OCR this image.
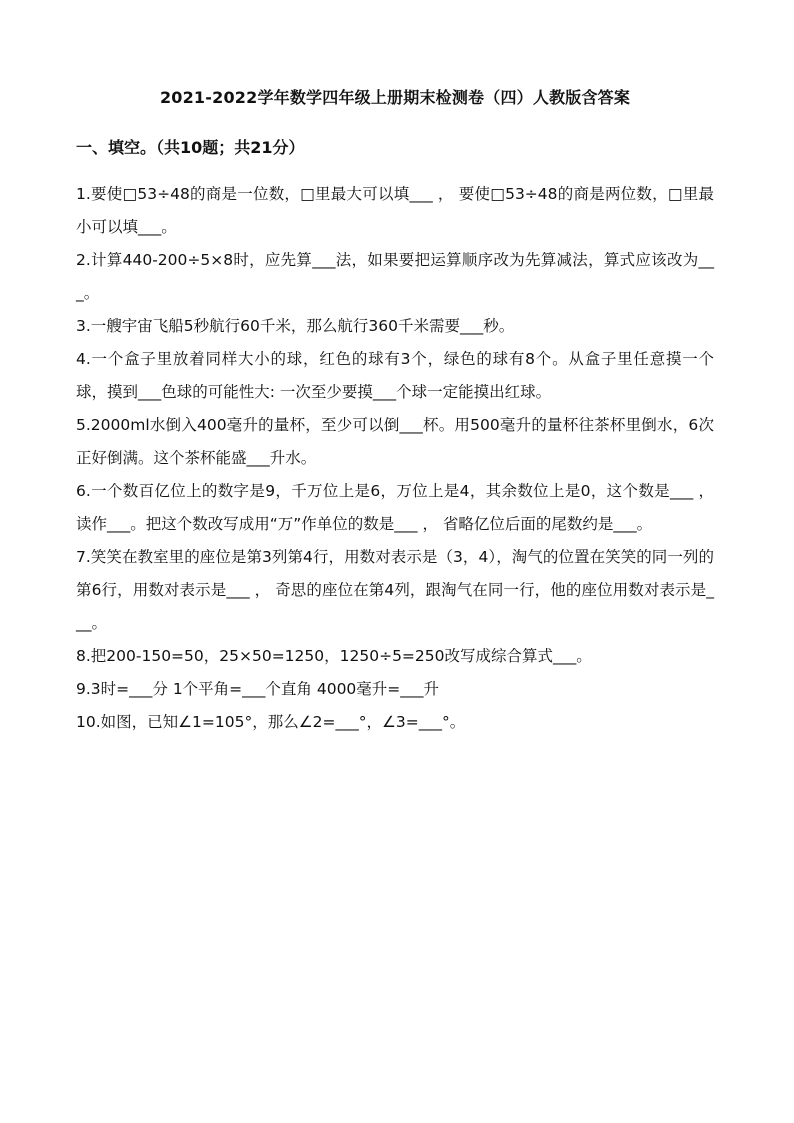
2021-2022学年数学四年级上册期末检测卷（四）人教版含答案
一、填空。（共10题；共21分）

1.要使□53÷48的商是一位数，□里最大可以填___ ， 要使□53÷48的商是两位数，□里最小可以填___。

2.计算440-200÷5×8时，应先算___法，如果要把运算顺序改为先算减法，算式应该改为___。

3.一艘宇宙飞船5秒航行60千米，那么航行360千米需要___秒。

4.一个盒子里放着同样大小的球，红色的球有3个，绿色的球有8个。从盒子里任意摸一个球，摸到___色球的可能性大: 一次至少要摸___个球一定能摸出红球。

5.2000ml水倒入400毫升的量杯，至少可以倒___杯。用500毫升的量杯往茶杯里倒水，6次正好倒满。这个茶杯能盛___升水。

6.一个数百亿位上的数字是9，千万位上是6，万位上是4，其余数位上是0，这个数是___ ， 读作___。把这个数改写成用“万”作单位的数是___ ， 省略亿位后面的尾数约是___。

7.笑笑在教室里的座位是第3列第4行，用数对表示是（3，4），淘气的位置在笑笑的同一列的第6行，用数对表示是___ ， 奇思的座位在第4列，跟淘气在同一行，他的座位用数对表示是___。

8.把200-150=50，25×50=1250，1250÷5=250改写成综合算式___。

9.3时=___分 1个平角=___个直角 4000毫升=___升

10.如图，已知∠1=105°，那么∠2=___°，∠3=___°。
